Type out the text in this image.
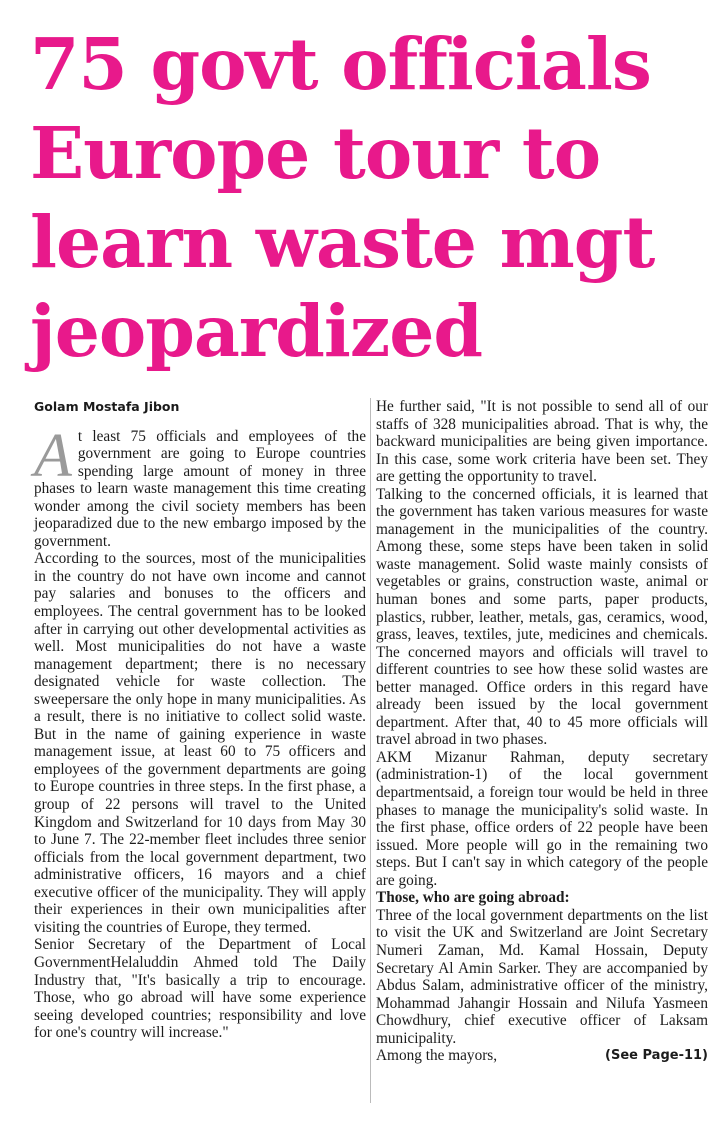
75 govt officials
Europe tour to
learn waste mgt
jeopardized
Golam Mostafa Jibon

At least 75 officials and employees of the government are going to Europe countries spending large amount of money in three phases to learn waste management this time creating wonder among the civil society members has been jeoparadized due to the new embargo imposed by the government.

According to the sources, most of the municipalities in the country do not have own income and cannot pay salaries and bonuses to the officers and employees. The central government has to be looked after in carrying out other developmental activities as well. Most municipalities do not have a waste management department; there is no necessary designated vehicle for waste collection. The sweepersare the only hope in many municipalities. As a result, there is no initiative to collect solid waste. But in the name of gaining experience in waste management issue, at least 60 to 75 officers and employees of the government departments are going to Europe countries in three steps. In the first phase, a group of 22 persons will travel to the United Kingdom and Switzerland for 10 days from May 30 to June 7. The 22-member fleet includes three senior officials from the local government department, two administrative officers, 16 mayors and a chief executive officer of the municipality. They will apply their experiences in their own municipalities after visiting the countries of Europe, they termed.

Senior Secretary of the Department of Local GovernmentHelaluddin Ahmed told The Daily Industry that, "It's basically a trip to encourage. Those, who go abroad will have some experience seeing developed countries; responsibility and love for one's country will increase."

He further said, "It is not possible to send all of our staffs of 328 municipalities abroad. That is why, the backward municipalities are being given importance. In this case, some work criteria have been set. They are getting the opportunity to travel.

Talking to the concerned officials, it is learned that the government has taken various measures for waste management in the municipalities of the country. Among these, some steps have been taken in solid waste management. Solid waste mainly consists of vegetables or grains, construction waste, animal or human bones and some parts, paper products, plastics, rubber, leather, metals, gas, ceramics, wood, grass, leaves, textiles, jute, medicines and chemicals. The concerned mayors and officials will travel to different countries to see how these solid wastes are better managed. Office orders in this regard have already been issued by the local government department. After that, 40 to 45 more officials will travel abroad in two phases.

AKM Mizanur Rahman, deputy secretary (administration-1) of the local government departmentsaid, a foreign tour would be held in three phases to manage the municipality's solid waste. In the first phase, office orders of 22 people have been issued. More people will go in the remaining two steps. But I can't say in which category of the people are going.

Those, who are going abroad:

Three of the local government departments on the list to visit the UK and Switzerland are Joint Secretary Numeri Zaman, Md. Kamal Hossain, Deputy Secretary Al Amin Sarker. They are accompanied by Abdus Salam, administrative officer of the ministry, Mohammad Jahangir Hossain and Nilufa Yasmeen Chowdhury, chief executive officer of Laksam municipality.

Among the mayors,	(See Page-11)
